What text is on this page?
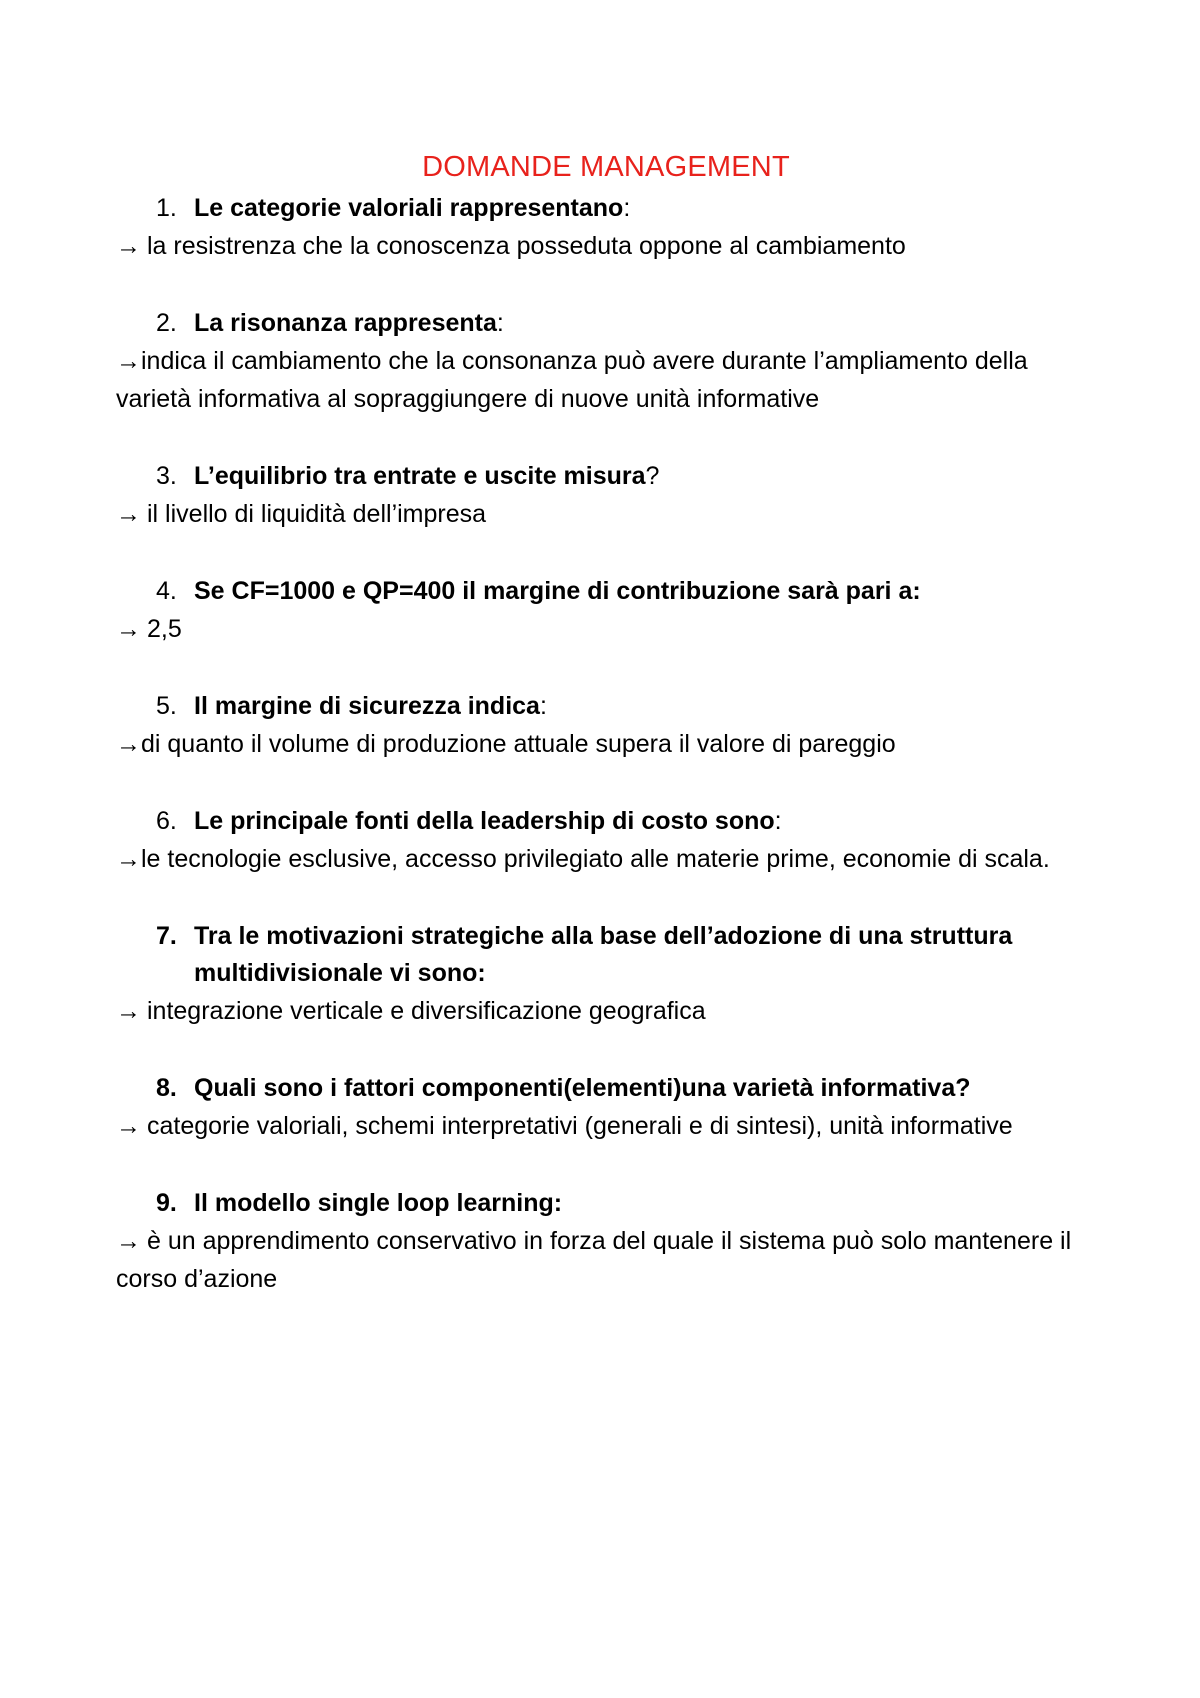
DOMANDE MANAGEMENT
1. Le categorie valoriali rappresentano:

→ la resistrenza che la conoscenza posseduta oppone al cambiamento

2. La risonanza rappresenta:

→indica il cambiamento che la consonanza può avere durante l’ampliamento della varietà informativa al sopraggiungere di nuove unità informative

3. L’equilibrio tra entrate e uscite misura?

→ il livello di liquidità dell’impresa

4. Se CF=1000 e QP=400 il margine di contribuzione sarà pari a:

→ 2,5

5. Il margine di sicurezza indica:

→di quanto il volume di produzione attuale supera il valore di pareggio

6. Le principale fonti della leadership di costo sono:

→le tecnologie esclusive, accesso privilegiato alle materie prime, economie di scala.

7. Tra le motivazioni strategiche alla base dell’adozione di una struttura multidivisionale vi sono:

→ integrazione verticale e diversificazione geografica

8. Quali sono i fattori componenti(elementi)una varietà informativa?

→ categorie valoriali, schemi interpretativi (generali e di sintesi), unità informative

9. Il modello single loop learning:

→ è un apprendimento conservativo in forza del quale il sistema può solo mantenere il corso d’azione
